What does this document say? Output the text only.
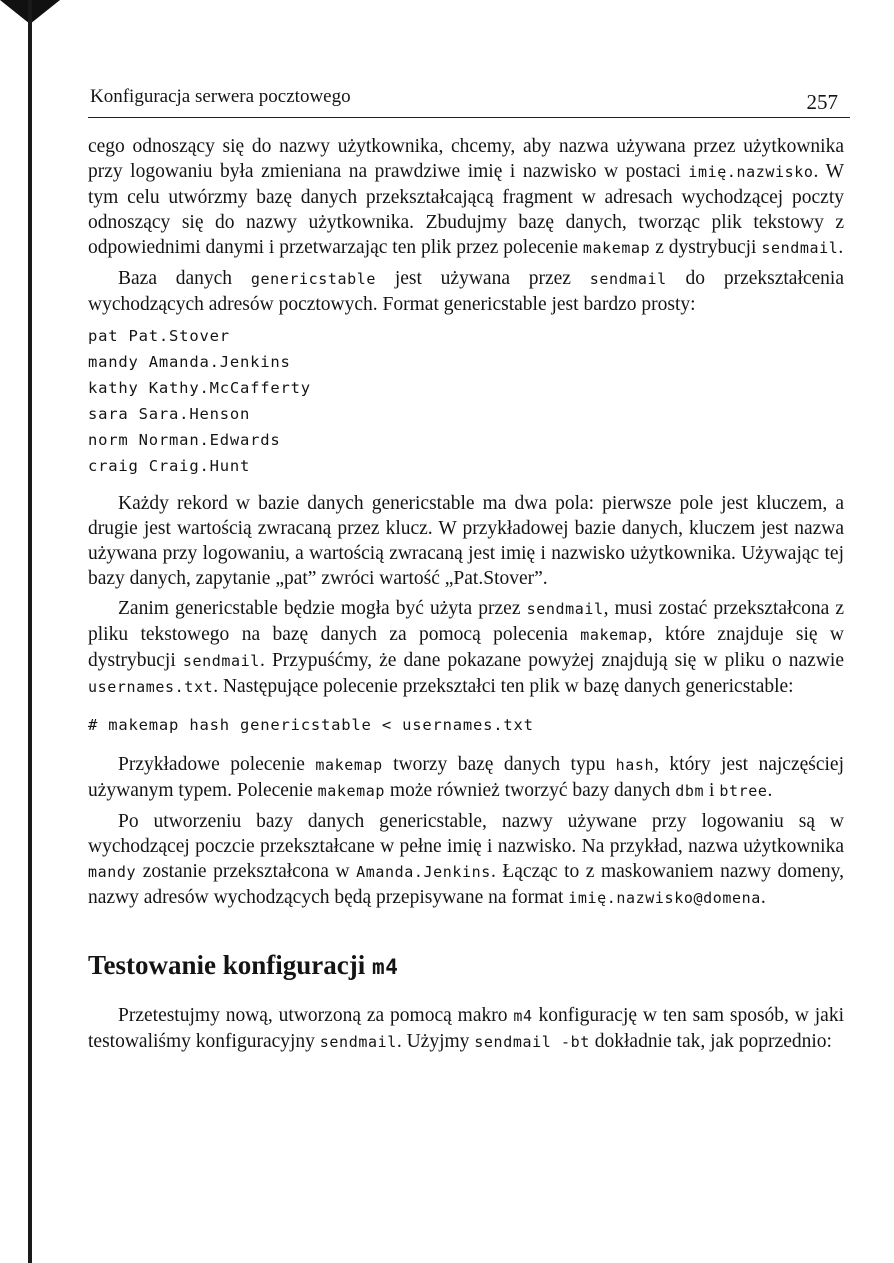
Konfiguracja serwera pocztowego	257

cego odnoszący się do nazwy użytkownika, chcemy, aby nazwa używana przez użytkownika przy logowaniu była zmieniana na prawdziwe imię i nazwisko w postaci imię.nazwisko. W tym celu utwórzmy bazę danych przekształcającą fragment w adresach wychodzącej poczty odnoszący się do nazwy użytkownika. Zbudujmy bazę danych, tworząc plik tekstowy z odpowiednimi danymi i przetwarzając ten plik przez polecenie makemap z dystrybucji sendmail.

Baza danych genericstable jest używana przez sendmail do przekształcenia wychodzących adresów pocztowych. Format genericstable jest bardzo prosty:

pat Pat.Stover
mandy Amanda.Jenkins
kathy Kathy.McCafferty
sara Sara.Henson
norm Norman.Edwards
craig Craig.Hunt

Każdy rekord w bazie danych genericstable ma dwa pola: pierwsze pole jest kluczem, a drugie jest wartością zwracaną przez klucz. W przykładowej bazie danych, kluczem jest nazwa używana przy logowaniu, a wartością zwracaną jest imię i nazwisko użytkownika. Używając tej bazy danych, zapytanie „pat” zwróci wartość „Pat.Stover”.

Zanim genericstable będzie mogła być użyta przez sendmail, musi zostać przekształcona z pliku tekstowego na bazę danych za pomocą polecenia makemap, które znajduje się w dystrybucji sendmail. Przypuśćmy, że dane pokazane powyżej znajdują się w pliku o nazwie usernames.txt. Następujące polecenie przekształci ten plik w bazę danych genericstable:

# makemap hash genericstable < usernames.txt

Przykładowe polecenie makemap tworzy bazę danych typu hash, który jest najczęściej używanym typem. Polecenie makemap może również tworzyć bazy danych dbm i btree.

Po utworzeniu bazy danych genericstable, nazwy używane przy logowaniu są w wychodzącej poczcie przekształcane w pełne imię i nazwisko. Na przykład, nazwa użytkownika mandy zostanie przekształcona w Amanda.Jenkins. Łącząc to z maskowaniem nazwy domeny, nazwy adresów wychodzących będą przepisywane na format imię.nazwisko@domena.

Testowanie konfiguracji m4

Przetestujmy nową, utworzoną za pomocą makro m4 konfigurację w ten sam sposób, w jaki testowaliśmy konfiguracyjny sendmail. Użyjmy sendmail -bt dokładnie tak, jak poprzednio:
